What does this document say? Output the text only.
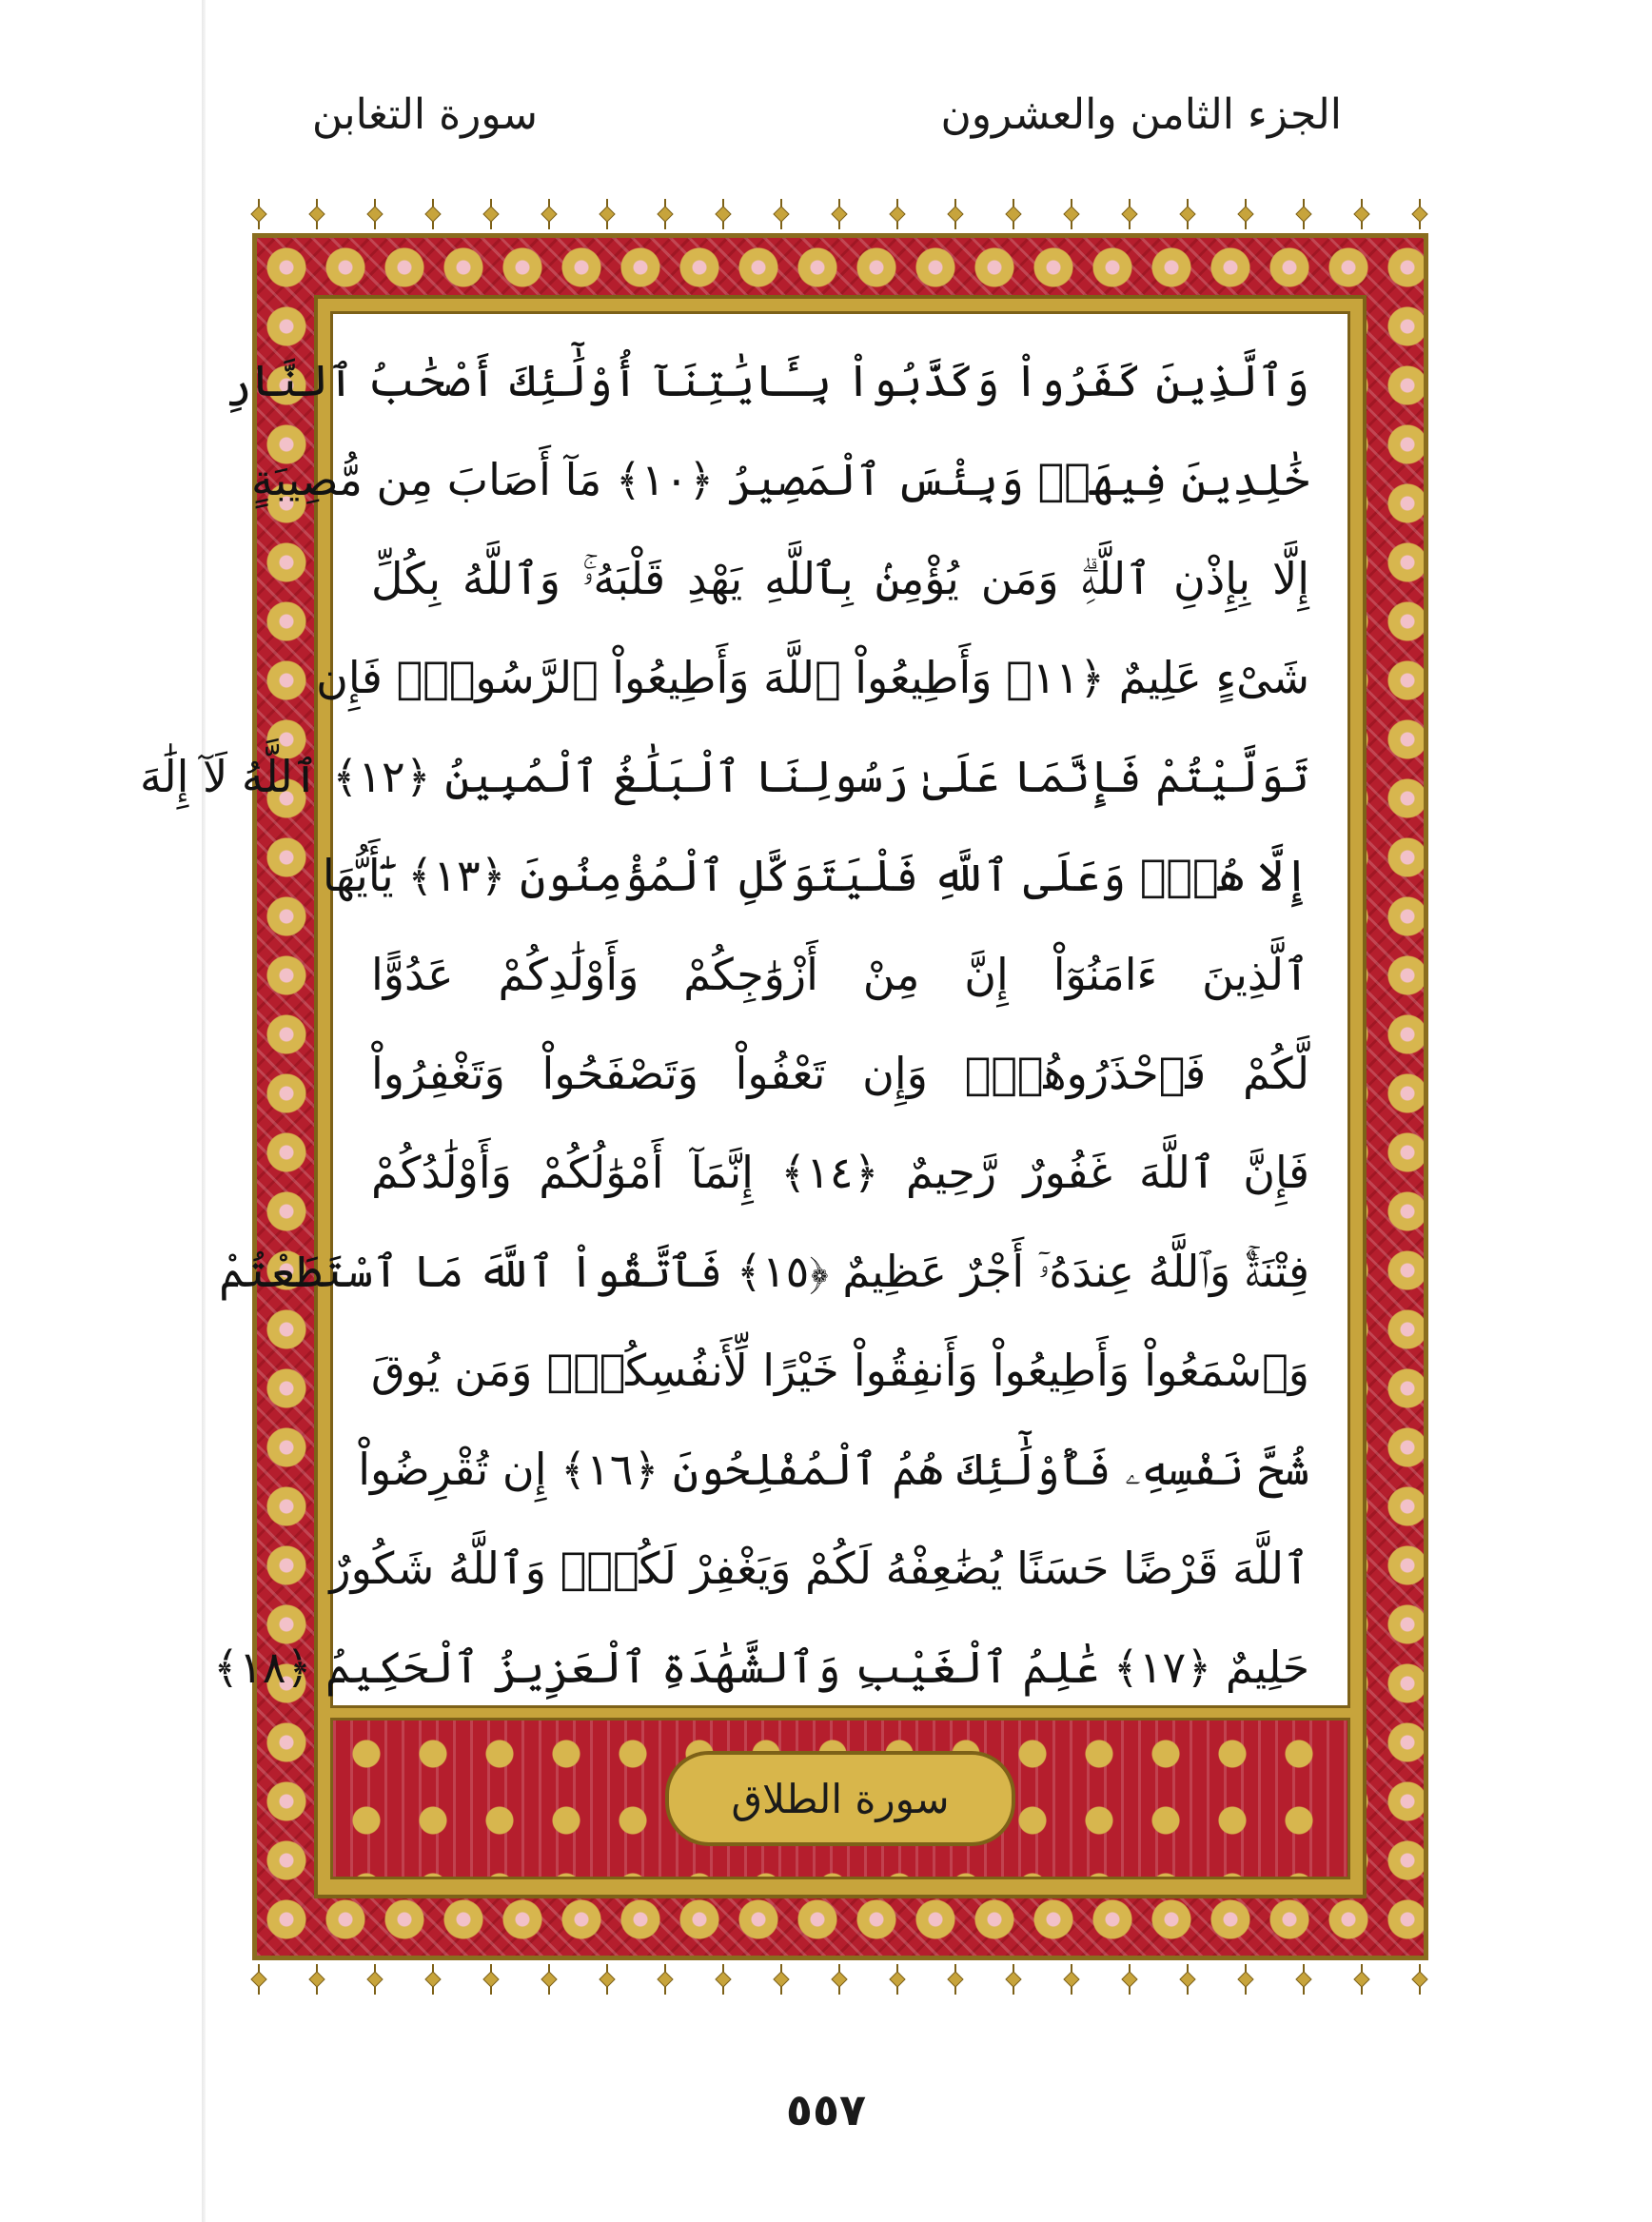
الجزء الثامن والعشرون
سورة التغابن
وَٱلَّذِينَ كَفَرُواْ وَكَذَّبُواْ بِـَٔايَٰتِنَآ أُوْلَٰٓئِكَ أَصْحَٰبُ ٱلنَّارِ
خَٰلِدِينَ فِيهَاۖ وَبِئْسَ ٱلْمَصِيرُ ﴿١٠﴾ مَآ أَصَابَ مِن مُّصِيبَةٍ
إِلَّا بِإِذْنِ ٱللَّهِۗ وَمَن يُؤْمِنۢ بِٱللَّهِ يَهْدِ قَلْبَهُۥۚ وَٱللَّهُ بِكُلِّ
شَىْءٍ عَلِيمٌ ﴿١١﴾ وَأَطِيعُواْ ٱللَّهَ وَأَطِيعُواْ ٱلرَّسُولَۚ فَإِن
تَوَلَّيْتُمْ فَإِنَّمَا عَلَىٰ رَسُولِنَا ٱلْبَلَٰغُ ٱلْمُبِينُ ﴿١٢﴾ ٱللَّهُ لَآ إِلَٰهَ
إِلَّا هُوَۚ وَعَلَى ٱللَّهِ فَلْيَتَوَكَّلِ ٱلْمُؤْمِنُونَ ﴿١٣﴾ يَٰٓأَيُّهَا
ٱلَّذِينَ ءَامَنُوٓاْ إِنَّ مِنْ أَزْوَٰجِكُمْ وَأَوْلَٰدِكُمْ عَدُوًّا
لَّكُمْ فَٱحْذَرُوهُمْۚ وَإِن تَعْفُواْ وَتَصْفَحُواْ وَتَغْفِرُواْ
فَإِنَّ ٱللَّهَ غَفُورٌ رَّحِيمٌ ﴿١٤﴾ إِنَّمَآ أَمْوَٰلُكُمْ وَأَوْلَٰدُكُمْ
فِتْنَةٌۚ وَٱللَّهُ عِندَهُۥٓ أَجْرٌ عَظِيمٌ ﴿١٥﴾ فَٱتَّقُواْ ٱللَّهَ مَا ٱسْتَطَعْتُمْ
وَٱسْمَعُواْ وَأَطِيعُواْ وَأَنفِقُواْ خَيْرًا لِّأَنفُسِكُمْۗ وَمَن يُوقَ
شُحَّ نَفْسِهِۦ فَأُوْلَٰٓئِكَ هُمُ ٱلْمُفْلِحُونَ ﴿١٦﴾ إِن تُقْرِضُواْ
ٱللَّهَ قَرْضًا حَسَنًا يُضَٰعِفْهُ لَكُمْ وَيَغْفِرْ لَكُمْۚ وَٱللَّهُ شَكُورٌ
حَلِيمٌ ﴿١٧﴾ عَٰلِمُ ٱلْغَيْبِ وَٱلشَّهَٰدَةِ ٱلْعَزِيزُ ٱلْحَكِيمُ ﴿١٨﴾
سورة الطلاق
٥٥٧
